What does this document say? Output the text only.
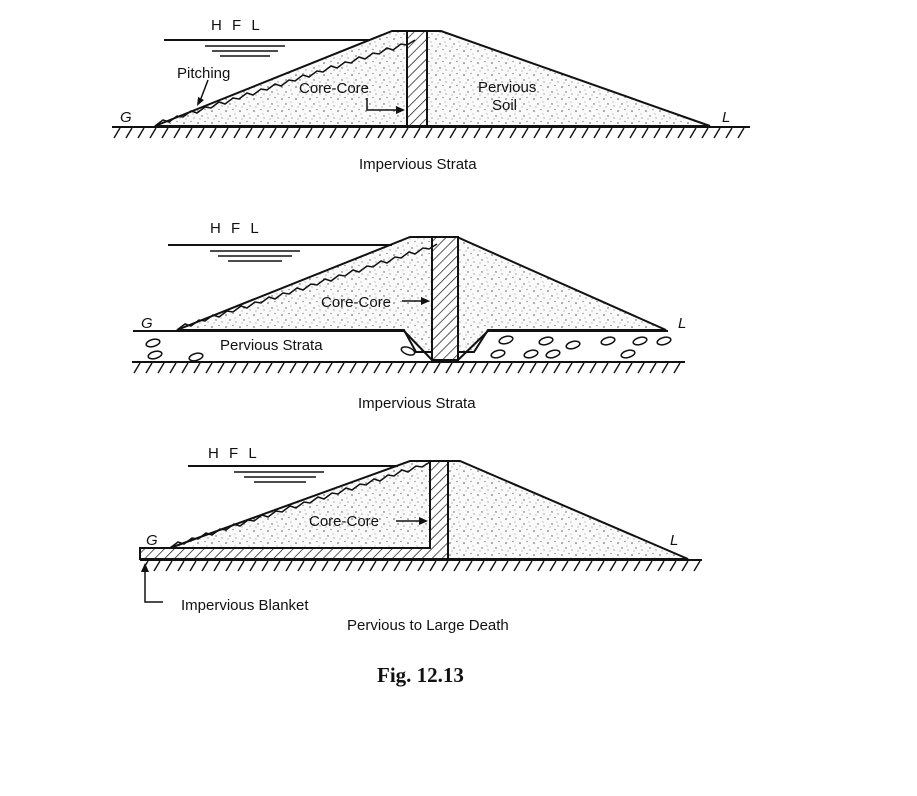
H F L
Pitching
Core-Core	Pervious
Soil
G	L
Impervious Strata
H F L
Core-Core
G	L
Pervious Strata
Impervious Strata
H F L
Core-Core
G	L
Impervious Blanket
Pervious to Large Death
Fig. 12.13
